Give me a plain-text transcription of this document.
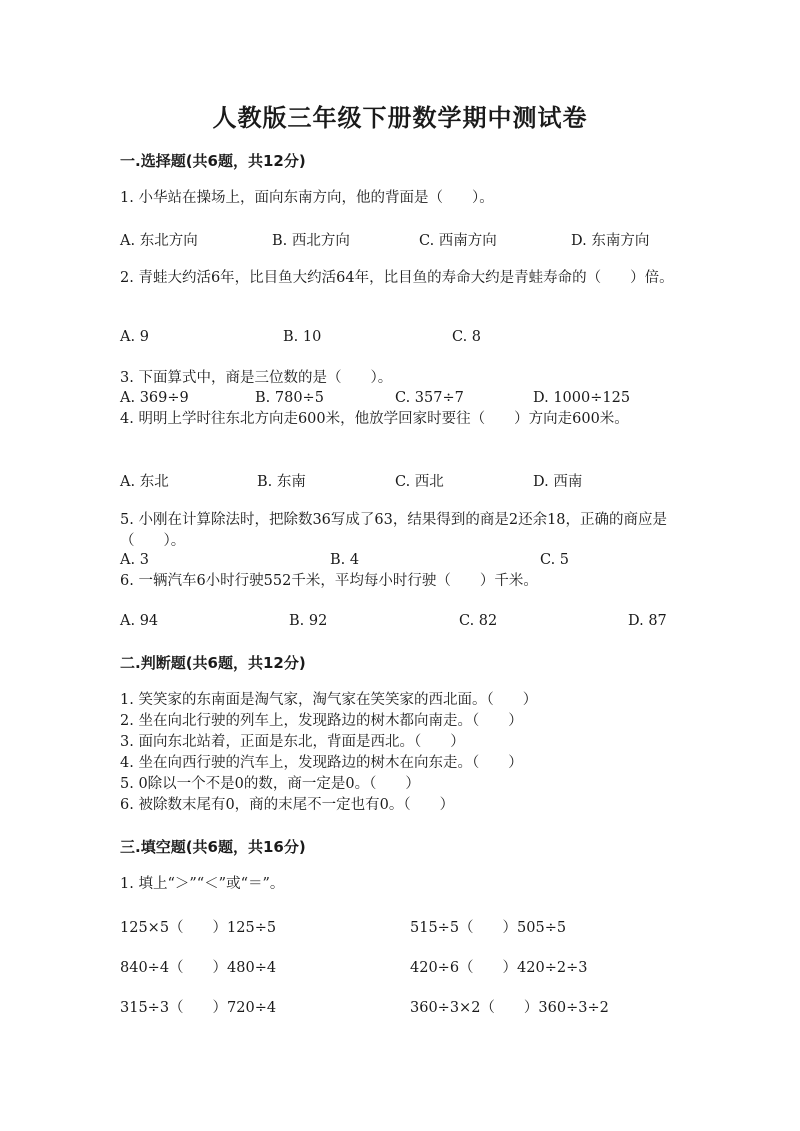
人教版三年级下册数学期中测试卷
一.选择题(共6题，共12分)
1. 小华站在操场上，面向东南方向，他的背面是（　　）。
A. 东北方向	B. 西北方向	C. 西南方向	D. 东南方向
2. 青蛙大约活6年，比目鱼大约活64年，比目鱼的寿命大约是青蛙寿命的（　　）倍。
A. 9	B. 10	C. 8
3. 下面算式中，商是三位数的是（　　）。
A. 369÷9	B. 780÷5	C. 357÷7	D. 1000÷125
4. 明明上学时往东北方向走600米，他放学回家时要往（　　）方向走600米。
A. 东北	B. 东南	C. 西北	D. 西南
5. 小刚在计算除法时，把除数36写成了63，结果得到的商是2还余18，正确的商应是（　　）。
A. 3	B. 4	C. 5
6. 一辆汽车6小时行驶552千米，平均每小时行驶（　　）千米。
A. 94	B. 92	C. 82	D. 87
二.判断题(共6题，共12分)
1. 笑笑家的东南面是淘气家，淘气家在笑笑家的西北面。（　　）
2. 坐在向北行驶的列车上，发现路边的树木都向南走。（　　）
3. 面向东北站着，正面是东北，背面是西北。（　　）
4. 坐在向西行驶的汽车上，发现路边的树木在向东走。（　　）
5. 0除以一个不是0的数，商一定是0。（　　）
6. 被除数末尾有0，商的末尾不一定也有0。（　　）
三.填空题(共6题，共16分)
1. 填上“＞”“＜”或“＝”。
125×5（　　）125÷5	515÷5（　　）505÷5
840÷4（　　）480÷4	420÷6（　　）420÷2÷3
315÷3（　　）720÷4	360÷3×2（　　）360÷3÷2
